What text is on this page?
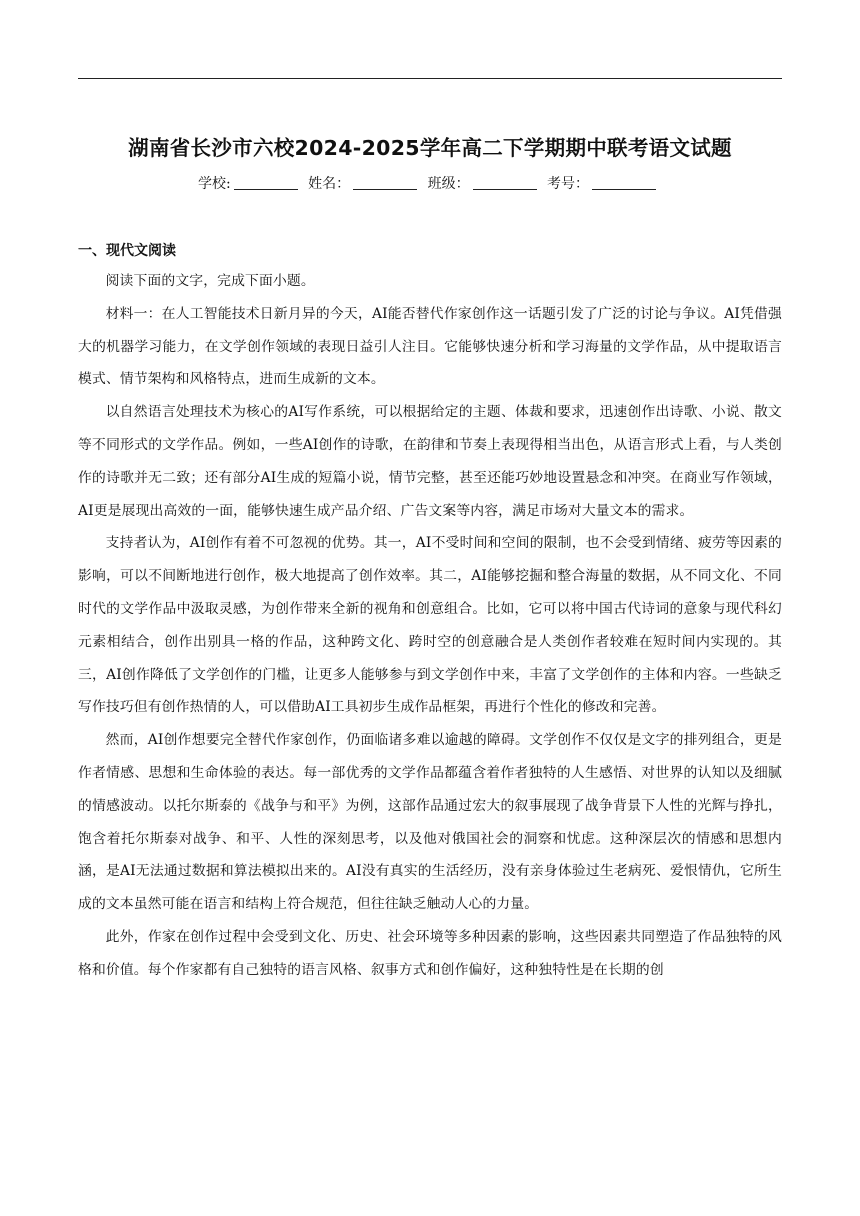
湖南省长沙市六校2024-2025学年高二下学期期中联考语文试题
学校:	姓名：	班级：	考号：
一、现代文阅读

阅读下面的文字，完成下面小题。

材料一：在人工智能技术日新月异的今天，AI能否替代作家创作这一话题引发了广泛的讨论与争议。AI凭借强大的机器学习能力，在文学创作领域的表现日益引人注目。它能够快速分析和学习海量的文学作品，从中提取语言模式、情节架构和风格特点，进而生成新的文本。

以自然语言处理技术为核心的AI写作系统，可以根据给定的主题、体裁和要求，迅速创作出诗歌、小说、散文等不同形式的文学作品。例如，一些AI创作的诗歌，在韵律和节奏上表现得相当出色，从语言形式上看，与人类创作的诗歌并无二致；还有部分AI生成的短篇小说，情节完整，甚至还能巧妙地设置悬念和冲突。在商业写作领域，AI更是展现出高效的一面，能够快速生成产品介绍、广告文案等内容，满足市场对大量文本的需求。

支持者认为，AI创作有着不可忽视的优势。其一，AI不受时间和空间的限制，也不会受到情绪、疲劳等因素的影响，可以不间断地进行创作，极大地提高了创作效率。其二，AI能够挖掘和整合海量的数据，从不同文化、不同时代的文学作品中汲取灵感，为创作带来全新的视角和创意组合。比如，它可以将中国古代诗词的意象与现代科幻元素相结合，创作出别具一格的作品，这种跨文化、跨时空的创意融合是人类创作者较难在短时间内实现的。其三，AI创作降低了文学创作的门槛，让更多人能够参与到文学创作中来，丰富了文学创作的主体和内容。一些缺乏写作技巧但有创作热情的人，可以借助AI工具初步生成作品框架，再进行个性化的修改和完善。

然而，AI创作想要完全替代作家创作，仍面临诸多难以逾越的障碍。文学创作不仅仅是文字的排列组合，更是作者情感、思想和生命体验的表达。每一部优秀的文学作品都蕴含着作者独特的人生感悟、对世界的认知以及细腻的情感波动。以托尔斯泰的《战争与和平》为例，这部作品通过宏大的叙事展现了战争背景下人性的光辉与挣扎，饱含着托尔斯泰对战争、和平、人性的深刻思考，以及他对俄国社会的洞察和忧虑。这种深层次的情感和思想内涵，是AI无法通过数据和算法模拟出来的。AI没有真实的生活经历，没有亲身体验过生老病死、爱恨情仇，它所生成的文本虽然可能在语言和结构上符合规范，但往往缺乏触动人心的力量。

此外，作家在创作过程中会受到文化、历史、社会环境等多种因素的影响，这些因素共同塑造了作品独特的风格和价值。每个作家都有自己独特的语言风格、叙事方式和创作偏好，这种独特性是在长期的创
